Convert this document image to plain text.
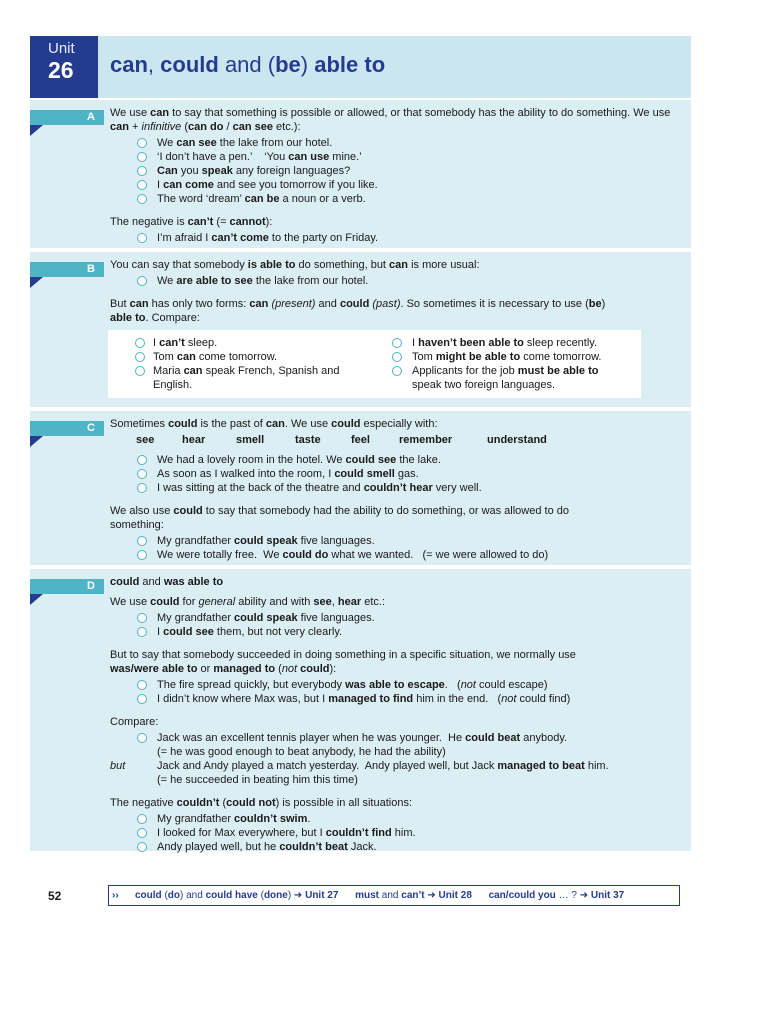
Unit
26 can, could and (be) able to
A	We use can to say that something is possible or allowed, or that somebody has the ability to do something. We use can + infinitive (can do / can see etc.):
We can see the lake from our hotel.
‘I don’t have a pen.’    ‘You can use mine.’
Can you speak any foreign languages?
I can come and see you tomorrow if you like.
The word ‘dream’ can be a noun or a verb.
The negative is can’t (= cannot):
I’m afraid I can’t come to the party on Friday.
B	You can say that somebody is able to do something, but can is more usual:
We are able to see the lake from our hotel.
But can has only two forms: can (present) and could (past). So sometimes it is necessary to use (be) able to. Compare:
I can’t sleep.
Tom can come tomorrow.
Maria can speak French, Spanish and English.
I haven’t been able to sleep recently.
Tom might be able to come tomorrow.
Applicants for the job must be able to speak two foreign languages.
C	Sometimes could is the past of can. We use could especially with:
see	hear	smell	taste	feel	remember	understand
We had a lovely room in the hotel. We could see the lake.
As soon as I walked into the room, I could smell gas.
I was sitting at the back of the theatre and couldn’t hear very well.
We also use could to say that somebody had the ability to do something, or was allowed to do something:
My grandfather could speak five languages.
We were totally free.  We could do what we wanted.   (= we were allowed to do)
D	could and was able to
We use could for general ability and with see, hear etc.:
My grandfather could speak five languages.
I could see them, but not very clearly.
But to say that somebody succeeded in doing something in a specific situation, we normally use was/were able to or managed to (not could):
The fire spread quickly, but everybody was able to escape.   (not could escape)
I didn’t know where Max was, but I managed to find him in the end.   (not could find)
Compare:
Jack was an excellent tennis player when he was younger.  He could beat anybody.
(= he was good enough to beat anybody, he had the ability)
but	Jack and Andy played a match yesterday.  Andy played well, but Jack managed to beat him.
(= he succeeded in beating him this time)
The negative couldn’t (could not) is possible in all situations:
My grandfather couldn’t swim.
I looked for Max everywhere, but I couldn’t find him.
Andy played well, but he couldn’t beat Jack.
52	›› could (do) and could have (done) ➜ Unit 27 must and can’t ➜ Unit 28 can/could you … ? ➜ Unit 37
